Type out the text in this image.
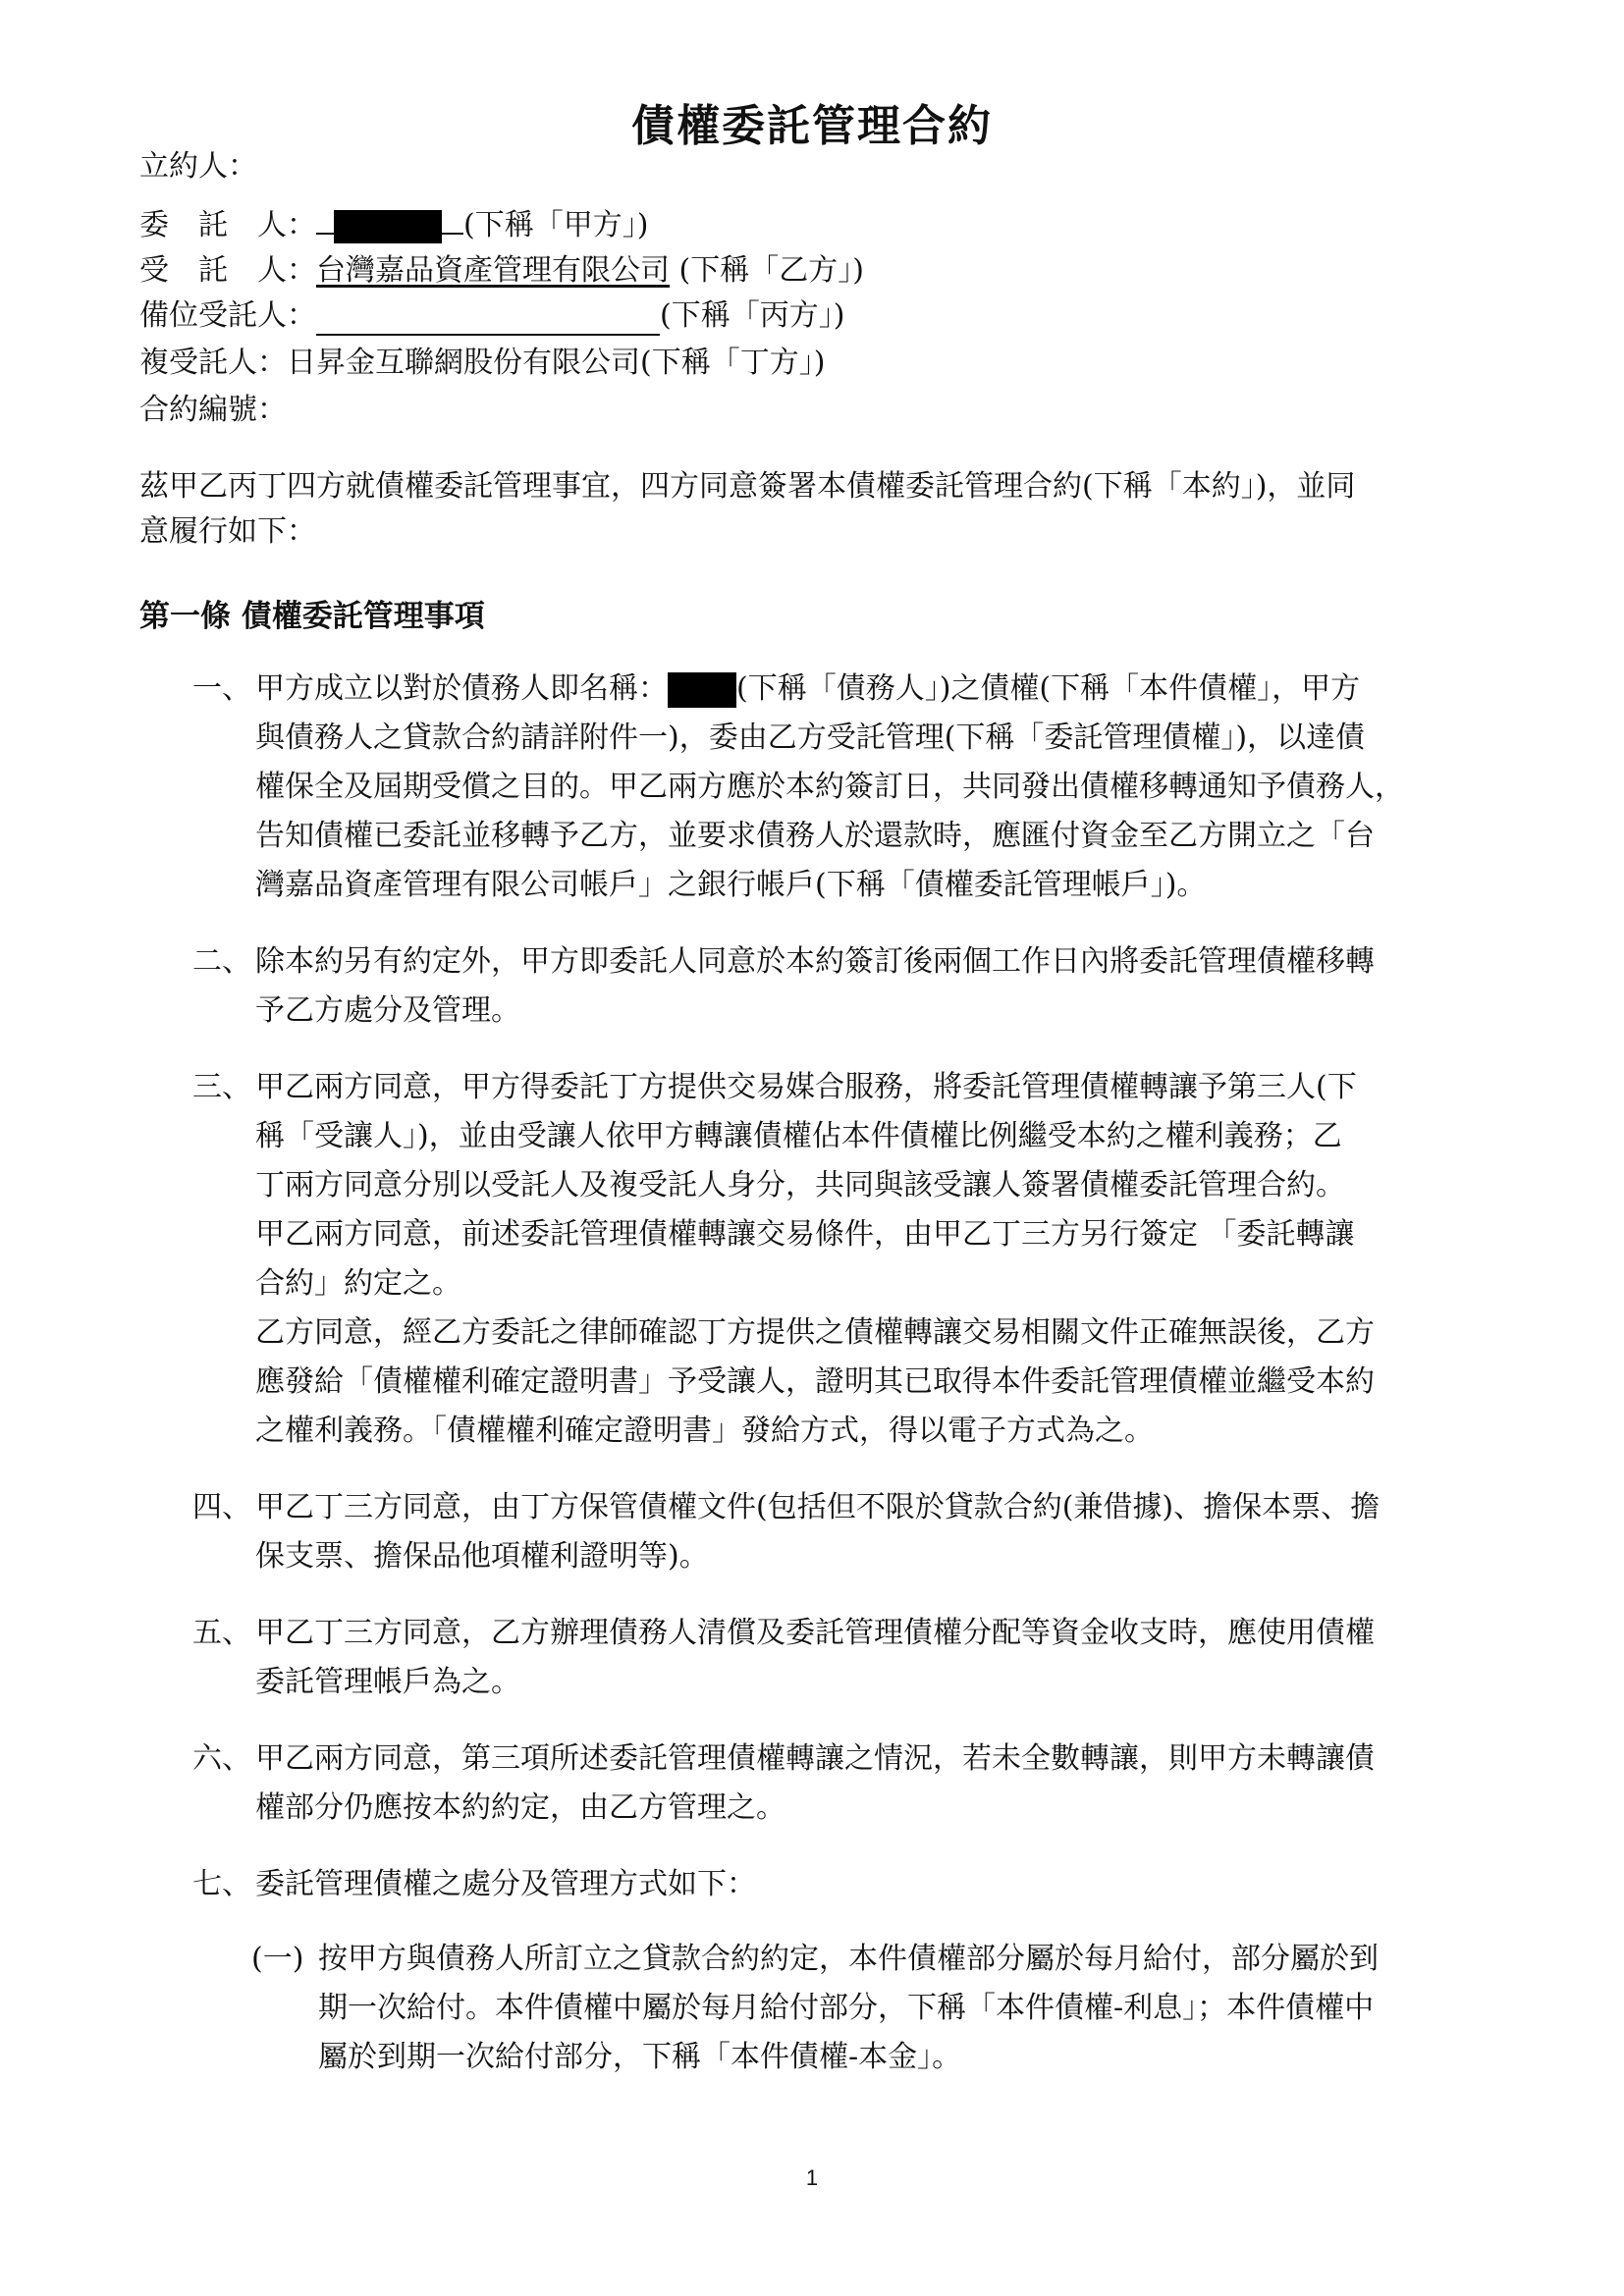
債權委託管理合約
立約人：
委　託　人：	(下稱「甲方」)
受　託　人：台灣嘉品資產管理有限公司 (下稱「乙方」)
備位受託人：	(下稱「丙方」)
複受託人：日昇金互聯網股份有限公司(下稱「丁方」)
合約編號：
茲甲乙丙丁四方就債權委託管理事宜，四方同意簽署本債權委託管理合約(下稱「本約」)，並同
意履行如下：
第一條 債權委託管理事項
一、 甲方成立以對於債務人即名稱： (下稱「債務人」)之債權(下稱「本件債權」，甲方
與債務人之貸款合約請詳附件一)，委由乙方受託管理(下稱「委託管理債權」)，以達債
權保全及屆期受償之目的。甲乙兩方應於本約簽訂日，共同發出債權移轉通知予債務人，
告知債權已委託並移轉予乙方，並要求債務人於還款時，應匯付資金至乙方開立之「台
灣嘉品資產管理有限公司帳戶」之銀行帳戶(下稱「債權委託管理帳戶」)。
二、 除本約另有約定外，甲方即委託人同意於本約簽訂後兩個工作日內將委託管理債權移轉
予乙方處分及管理。
三、 甲乙兩方同意，甲方得委託丁方提供交易媒合服務，將委託管理債權轉讓予第三人(下
稱「受讓人」)，並由受讓人依甲方轉讓債權佔本件債權比例繼受本約之權利義務；乙
丁兩方同意分別以受託人及複受託人身分，共同與該受讓人簽署債權委託管理合約。
甲乙兩方同意，前述委託管理債權轉讓交易條件，由甲乙丁三方另行簽定 「委託轉讓
合約」約定之。
乙方同意，經乙方委託之律師確認丁方提供之債權轉讓交易相關文件正確無誤後，乙方
應發給「債權權利確定證明書」予受讓人，證明其已取得本件委託管理債權並繼受本約
之權利義務。「債權權利確定證明書」發給方式，得以電子方式為之。
四、 甲乙丁三方同意，由丁方保管債權文件(包括但不限於貸款合約(兼借據)、擔保本票、擔
保支票、擔保品他項權利證明等)。
五、 甲乙丁三方同意，乙方辦理債務人清償及委託管理債權分配等資金收支時，應使用債權
委託管理帳戶為之。
六、 甲乙兩方同意，第三項所述委託管理債權轉讓之情況，若未全數轉讓，則甲方未轉讓債
權部分仍應按本約約定，由乙方管理之。
七、 委託管理債權之處分及管理方式如下：
(一) 按甲方與債務人所訂立之貸款合約約定，本件債權部分屬於每月給付，部分屬於到
期一次給付。本件債權中屬於每月給付部分，下稱「本件債權-利息」；本件債權中
屬於到期一次給付部分，下稱「本件債權-本金」。
1
